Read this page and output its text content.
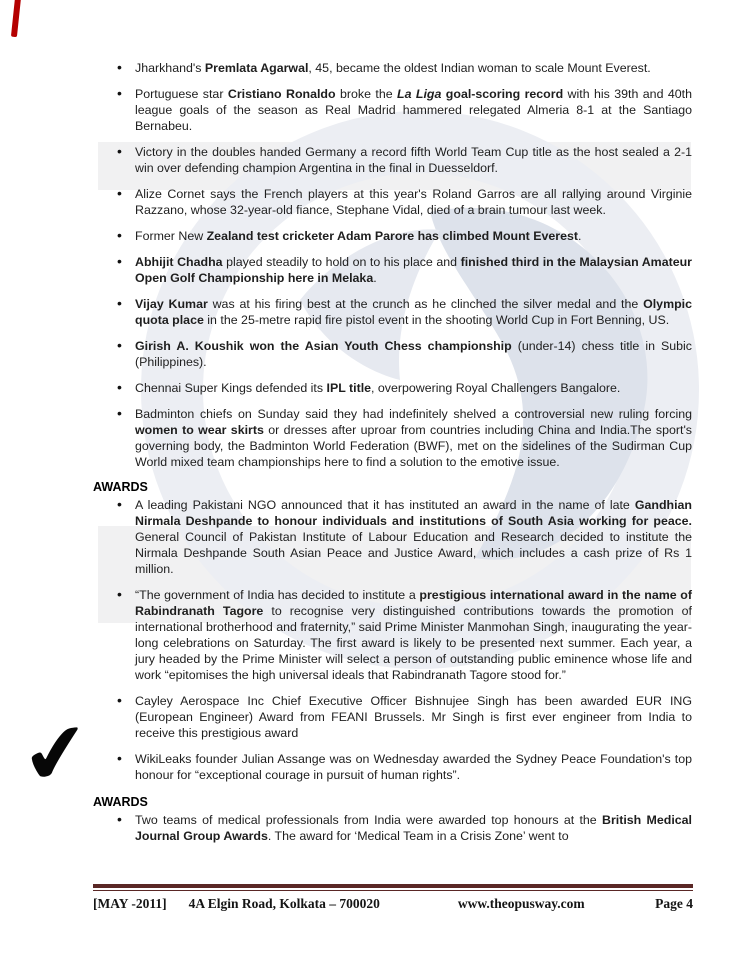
✔
• Jharkhand's Premlata Agarwal, 45, became the oldest Indian woman to scale Mount Everest.
• Portuguese star Cristiano Ronaldo broke the La Liga goal-scoring record with his 39th and 40th league goals of the season as Real Madrid hammered relegated Almeria 8-1 at the Santiago Bernabeu.
• Victory in the doubles handed Germany a record fifth World Team Cup title as the host sealed a 2-1 win over defending champion Argentina in the final in Duesseldorf.
• Alize Cornet says the French players at this year's Roland Garros are all rallying around Virginie Razzano, whose 32-year-old fiance, Stephane Vidal, died of a brain tumour last week.
• Former New Zealand test cricketer Adam Parore has climbed Mount Everest.
• Abhijit Chadha played steadily to hold on to his place and finished third in the Malaysian Amateur Open Golf Championship here in Melaka.
• Vijay Kumar was at his firing best at the crunch as he clinched the silver medal and the Olympic quota place in the 25-metre rapid fire pistol event in the shooting World Cup in Fort Benning, US.
• Girish A. Koushik won the Asian Youth Chess championship (under-14) chess title in Subic (Philippines).
• Chennai Super Kings defended its IPL title, overpowering Royal Challengers Bangalore.
• Badminton chiefs on Sunday said they had indefinitely shelved a controversial new ruling forcing women to wear skirts or dresses after uproar from countries including China and India.The sport's governing body, the Badminton World Federation (BWF), met on the sidelines of the Sudirman Cup World mixed team championships here to find a solution to the emotive issue.
AWARDS
• A leading Pakistani NGO announced that it has instituted an award in the name of late Gandhian Nirmala Deshpande to honour individuals and institutions of South Asia working for peace. General Council of Pakistan Institute of Labour Education and Research decided to institute the Nirmala Deshpande South Asian Peace and Justice Award, which includes a cash prize of Rs 1 million.
• “The government of India has decided to institute a prestigious international award in the name of Rabindranath Tagore to recognise very distinguished contributions towards the promotion of international brotherhood and fraternity,” said Prime Minister Manmohan Singh, inaugurating the year-long celebrations on Saturday. The first award is likely to be presented next summer. Each year, a jury headed by the Prime Minister will select a person of outstanding public eminence whose life and work “epitomises the high universal ideals that Rabindranath Tagore stood for.”
• Cayley Aerospace Inc Chief Executive Officer Bishnujee Singh has been awarded EUR ING (European Engineer) Award from FEANI Brussels. Mr Singh is first ever engineer from India to receive this prestigious award
• WikiLeaks founder Julian Assange was on Wednesday awarded the Sydney Peace Foundation's top honour for “exceptional courage in pursuit of human rights”.
AWARDS
• Two teams of medical professionals from India were awarded top honours at the British Medical Journal Group Awards. The award for ‘Medical Team in a Crisis Zone’ went to
[MAY -2011] 4A Elgin Road, Kolkata – 700020	www.theopusway.com	Page 4
